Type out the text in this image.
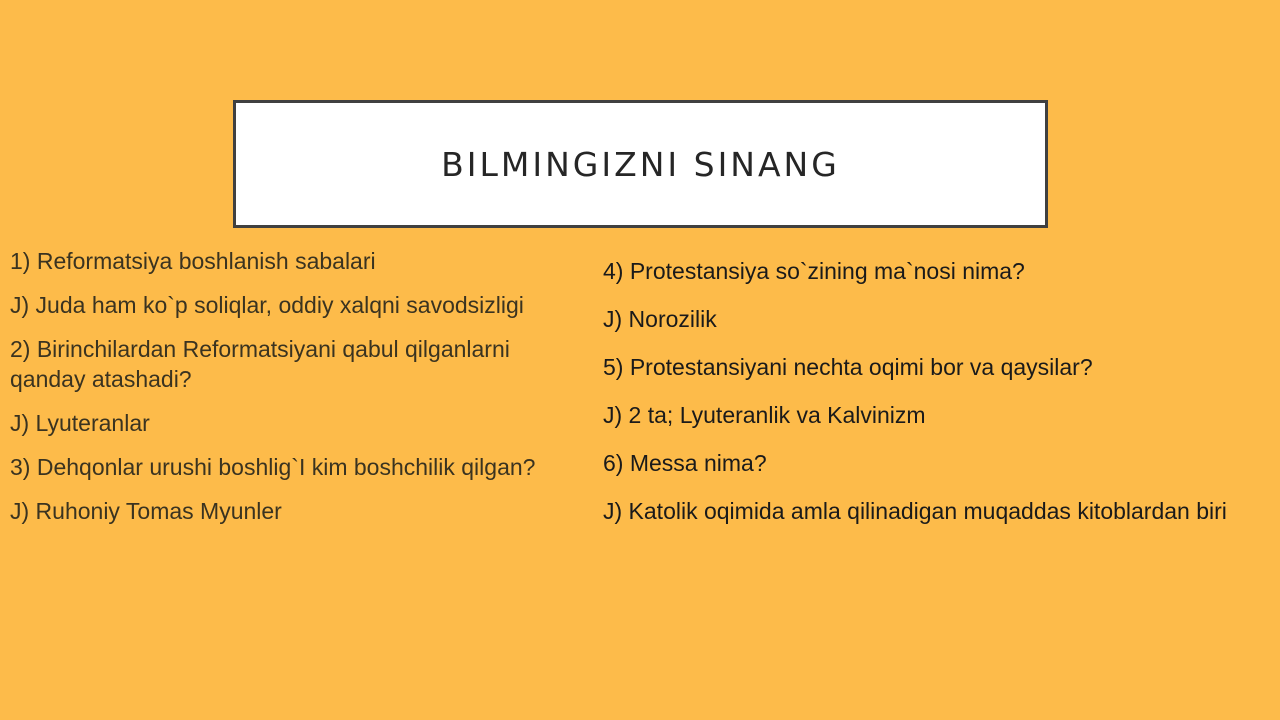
BILMINGIZNI SINANG
1) Reformatsiya boshlanish sabalari
J) Juda ham ko`p soliqlar, oddiy xalqni savodsizligi
2) Birinchilardan Reformatsiyani qabul qilganlarni qanday atashadi?
J) Lyuteranlar
3) Dehqonlar urushi boshlig`I kim boshchilik qilgan?
J) Ruhoniy Tomas Myunler
4) Protestansiya so`zining ma`nosi nima?
J) Norozilik
5) Protestansiyani nechta oqimi bor va qaysilar?
J) 2 ta; Lyuteranlik va Kalvinizm
6) Messa nima?
J) Katolik oqimida amla qilinadigan muqaddas kitoblardan biri
